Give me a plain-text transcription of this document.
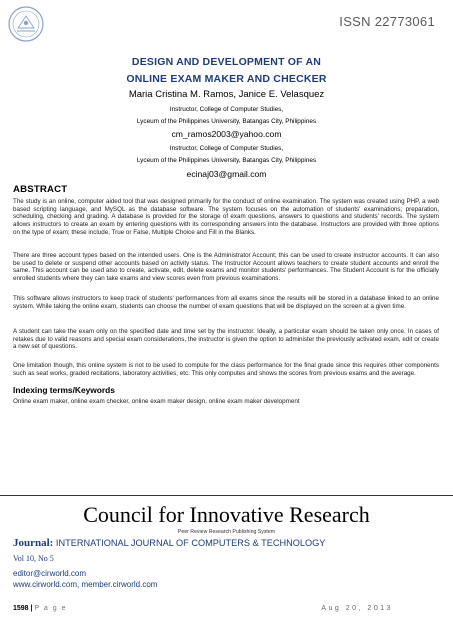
ISSN 22773061
DESIGN AND DEVELOPMENT OF AN
ONLINE EXAM MAKER AND CHECKER
Maria Cristina M. Ramos, Janice E. Velasquez
Instructor, College of Computer Studies,
Lyceum of the Philippines University, Batangas City, Philippines
cm_ramos2003@yahoo.com
Instructor, College of Computer Studies,
Lyceum of the Philippines University, Batangas City, Philippines
ecinaj03@gmail.com
ABSTRACT
The study is an online, computer aided tool that was designed primarily for the conduct of online examination. The system was created using PHP, a web based scripting language, and MySQL as the database software. The system focuses on the automation of students' examinations; preparation, scheduling, checking and grading. A database is provided for the storage of exam questions, answers to questions and students' records. The system allows instructors to create an exam by entering questions with its corresponding answers into the database. Instructors are provided with three options on the type of exam; these include, True or False, Multiple Choice and Fill in the Blanks.
There are three account types based on the intended users. One is the Administrator Account; this can be used to create instructor accounts. It can also be used to delete or suspend other accounts based on activity status. The Instructor Account allows teachers to create student accounts and enroll the same. This account can be used also to create, activate, edit, delete exams and monitor students' performances. The Student Account is for the officially enrolled students where they can take exams and view scores even from previous examinations.
This software allows instructors to keep track of students' performances from all exams since the results will be stored in a database linked to an online system. While taking the online exam, students can choose the number of exam questions that will be displayed on the screen at a given time.
A student can take the exam only on the specified date and time set by the instructor. Ideally, a particular exam should be taken only once. In cases of retakes due to valid reasons and special exam considerations, the instructor is given the option to administer the previously activated exam, edit or create a new set of questions.
One limitation though, this online system is not to be used to compute for the class performance for the final grade since this requires other components such as seat works, graded recitations, laboratory activities, etc. This only computes and shows the scores from previous exams and the average.
Indexing terms/Keywords
Online exam maker, online exam checker, online exam maker design, online exam maker development
Council for Innovative Research
Peer Review Research Publishing System
Journal: INTERNATIONAL JOURNAL OF COMPUTERS & TECHNOLOGY
Vol 10, No 5
editor@cirworld.com
www.cirworld.com, member.cirworld.com
1598 | P a g e	Aug 20, 2013
